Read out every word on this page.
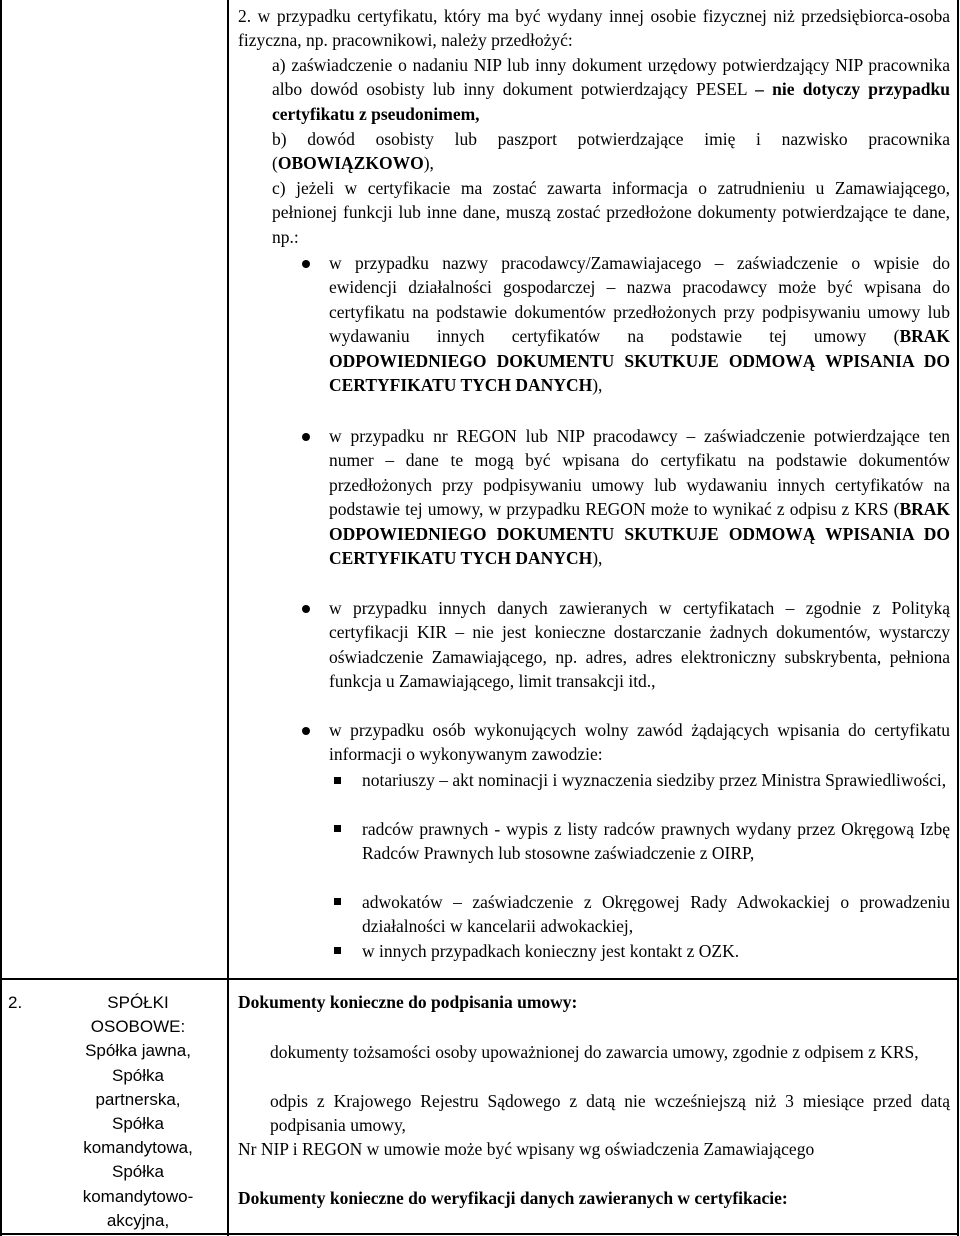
2. w przypadku certyfikatu, który ma być wydany innej osobie fizycznej niż przedsiębiorca-osoba fizyczna, np. pracownikowi, należy przedłożyć:
a) zaświadczenie o nadaniu NIP lub inny dokument urzędowy potwierdzający NIP pracownika albo dowód osobisty lub inny dokument potwierdzający PESEL – nie dotyczy przypadku certyfikatu z pseudonimem,
b) dowód osobisty lub paszport potwierdzające imię i nazwisko pracownika (OBOWIĄZKOWO),
c) jeżeli w certyfikacie ma zostać zawarta informacja o zatrudnieniu u Zamawiającego, pełnionej funkcji lub inne dane, muszą zostać przedłożone dokumenty potwierdzające te dane, np.:
w przypadku nazwy pracodawcy/Zamawiajacego – zaświadczenie o wpisie do ewidencji działalności gospodarczej – nazwa pracodawcy może być wpisana do certyfikatu na podstawie dokumentów przedłożonych przy podpisywaniu umowy lub wydawaniu innych certyfikatów na podstawie tej umowy (BRAK ODPOWIEDNIEGO DOKUMENTU SKUTKUJE ODMOWĄ WPISANIA DO CERTYFIKATU TYCH DANYCH),
w przypadku nr REGON lub NIP pracodawcy – zaświadczenie potwierdzające ten numer – dane te mogą być wpisana do certyfikatu na podstawie dokumentów przedłożonych przy podpisywaniu umowy lub wydawaniu innych certyfikatów na podstawie tej umowy, w przypadku REGON może to wynikać z odpisu z KRS (BRAK ODPOWIEDNIEGO DOKUMENTU SKUTKUJE ODMOWĄ WPISANIA DO CERTYFIKATU TYCH DANYCH),
w przypadku innych danych zawieranych w certyfikatach – zgodnie z Polityką certyfikacji KIR – nie jest konieczne dostarczanie żadnych dokumentów, wystarczy oświadczenie Zamawiającego, np. adres, adres elektroniczny subskrybenta, pełniona funkcja u Zamawiającego, limit transakcji itd.,
w przypadku osób wykonujących wolny zawód żądających wpisania do certyfikatu informacji o wykonywanym zawodzie:
notariuszy – akt nominacji i wyznaczenia siedziby przez Ministra Sprawiedliwości,
radców prawnych - wypis z listy radców prawnych wydany przez Okręgową Izbę Radców Prawnych lub stosowne zaświadczenie z OIRP,
adwokatów – zaświadczenie z Okręgowej Rady Adwokackiej o prowadzeniu działalności w kancelarii adwokackiej,
w innych przypadkach konieczny jest kontakt z OZK.
2.	SPÓŁKI
OSOBOWE:
Spółka jawna,
Spółka
partnerska,
Spółka
komandytowa,
Spółka
komandytowo-
akcyjna,
Dokumenty konieczne do podpisania umowy:
dokumenty tożsamości osoby upoważnionej do zawarcia umowy, zgodnie z odpisem z KRS,
odpis z Krajowego Rejestru Sądowego z datą nie wcześniejszą niż 3 miesiące przed datą podpisania umowy,
Nr NIP i REGON w umowie może być wpisany wg oświadczenia Zamawiającego
Dokumenty konieczne do weryfikacji danych zawieranych w certyfikacie:
